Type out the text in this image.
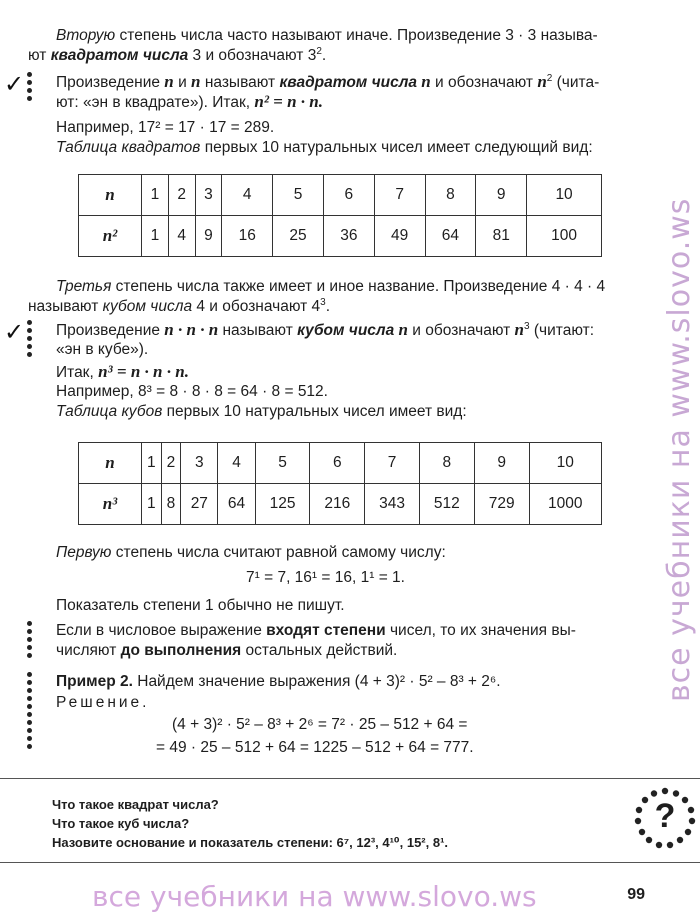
Вторую степень числа часто называют иначе. Произведение 3 · 3 называ-
ют квадратом числа 3 и обозначают $3^2$.
✓ Произведение n и n называют квадратом числа n и обозначают $n^2$ (чита-
ют: «эн в квадрате»). Итак, n² = n · n.
Например, 17² = 17 · 17 = 289.
Таблица квадратов первых 10 натуральных чисел имеет следующий вид:
n	1	2	3	4	5	6	7	8	9	10
n²	1	4	9	16	25	36	49	64	81	100
Третья степень числа также имеет и иное название. Произведение 4 · 4 · 4
называют кубом числа 4 и обозначают $4^3$.
✓ Произведение n · n · n называют кубом числа n и обозначают $n^3$ (читают:
«эн в кубе»).
Итак, n³ = n · n · n.
Например, 8³ = 8 · 8 · 8 = 64 · 8 = 512.
Таблица кубов первых 10 натуральных чисел имеет вид:
n	1	2	3	4	5	6	7	8	9	10
n³	1	8	27	64	125	216	343	512	729	1000
Первую степень числа считают равной самому числу:
7¹ = 7, 16¹ = 16, 1¹ = 1.
Показатель степени 1 обычно не пишут.
Если в числовое выражение входят степени чисел, то их значения вы-
числяют до выполнения остальных действий.
Пример 2. Найдем значение выражения (4 + 3)² · 5² – 8³ + 2⁶.
Решение.
(4 + 3)² · 5² – 8³ + 2⁶ = 7² · 25 – 512 + 64 =
= 49 · 25 – 512 + 64 = 1225 – 512 + 64 = 777.
Что такое квадрат числа?
Что такое куб числа?
Назовите основание и показатель степени: 6⁷, 12³, 4¹⁰, 15², 8¹.
?
все учебники на www.slovo.ws
все учебники на www.slovo.ws	99
